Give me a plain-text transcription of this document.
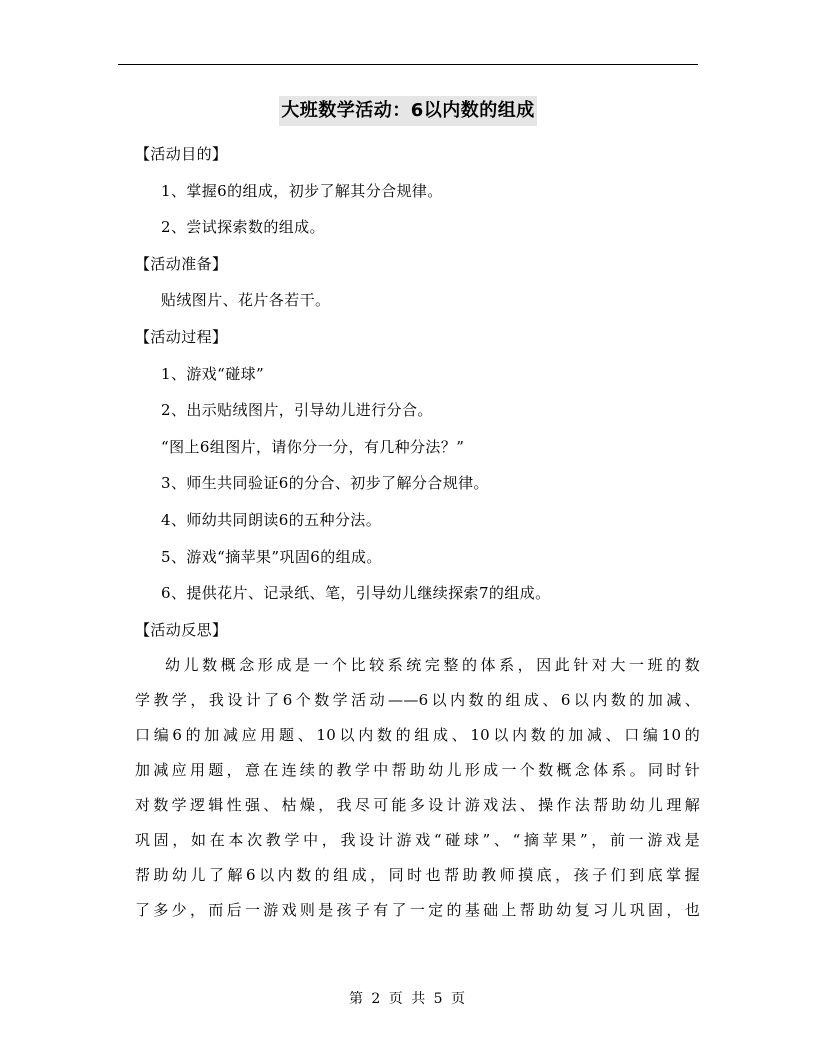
大班数学活动：6以内数的组成
【活动目的】
1、掌握6的组成，初步了解其分合规律。
2、尝试探索数的组成。
【活动准备】
贴绒图片、花片各若干。
【活动过程】
1、游戏“碰球”
2、出示贴绒图片，引导幼儿进行分合。
“图上6组图片，请你分一分，有几种分法？”
3、师生共同验证6的分合、初步了解分合规律。
4、师幼共同朗读6的五种分法。
5、游戏“摘苹果”巩固6的组成。
6、提供花片、记录纸、笔，引导幼儿继续探索7的组成。
【活动反思】
幼儿数概念形成是一个比较系统完整的体系，因此针对大一班的数
学教学，我设计了6个数学活动——6以内数的组成、6以内数的加减、
口编6的加减应用题、10以内数的组成、10以内数的加减、口编10的
加减应用题，意在连续的教学中帮助幼儿形成一个数概念体系。同时针
对数学逻辑性强、枯燥，我尽可能多设计游戏法、操作法帮助幼儿理解
巩固，如在本次教学中，我设计游戏“碰球”、“摘苹果”，前一游戏是
帮助幼儿了解6以内数的组成，同时也帮助教师摸底，孩子们到底掌握
了多少，而后一游戏则是孩子有了一定的基础上帮助幼复习儿巩固，也
第 2 页 共 5 页
